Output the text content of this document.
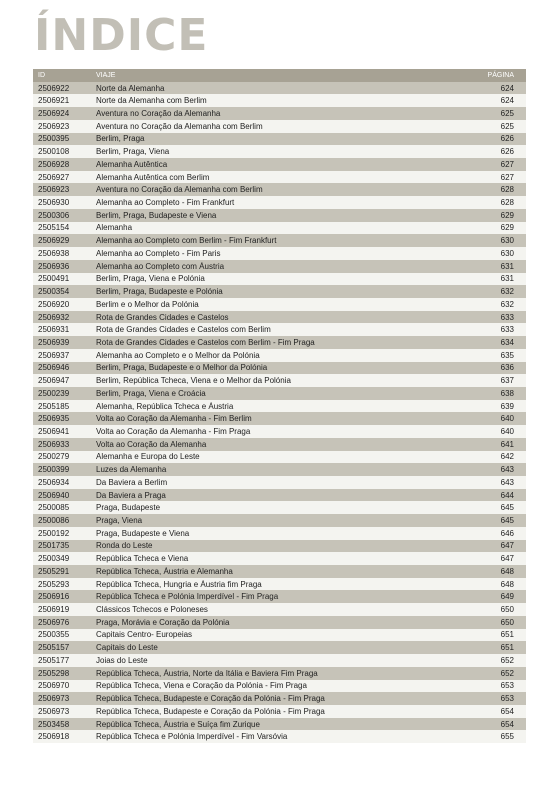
ÍNDICE
ID	VIAJE	PÁGINA
2506922	Norte da Alemanha	624
2506921	Norte da Alemanha com Berlim	624
2506924	Aventura no Coração da Alemanha	625
2506923	Aventura no Coração da Alemanha com Berlim	625
2500395	Berlim, Praga	626
2500108	Berlim, Praga, Viena	626
2506928	Alemanha Autêntica	627
2506927	Alemanha Autêntica com Berlim	627
2506923	Aventura no Coração da Alemanha com Berlim	628
2506930	Alemanha ao Completo - Fim Frankfurt	628
2500306	Berlim, Praga, Budapeste e Viena	629
2505154	Alemanha	629
2506929	Alemanha ao Completo com Berlim - Fim Frankfurt	630
2506938	Alemanha ao Completo - Fim Paris	630
2506936	Alemanha ao Completo com Áustria	631
2500491	Berlim, Praga, Viena e Polónia	631
2500354	Berlim, Praga, Budapeste e Polónia	632
2506920	Berlim e o Melhor da Polónia	632
2506932	Rota de Grandes Cidades e Castelos	633
2506931	Rota de Grandes Cidades e Castelos com Berlim	633
2506939	Rota de Grandes Cidades e Castelos com Berlim - Fim Praga	634
2506937	Alemanha ao Completo e o Melhor da Polónia	635
2506946	Berlim, Praga, Budapeste e o Melhor da Polónia	636
2506947	Berlim, República Tcheca, Viena e o Melhor da Polónia	637
2500239	Berlim, Praga, Viena e Croácia	638
2505185	Alemanha, República Tcheca e Áustria	639
2506935	Volta ao Coração da Alemanha - Fim Berlim	640
2506941	Volta ao Coração da Alemanha - Fim Praga	640
2506933	Volta ao Coração da Alemanha	641
2500279	Alemanha e Europa do Leste	642
2500399	Luzes da Alemanha	643
2506934	Da Baviera a Berlim	643
2506940	Da Baviera a Praga	644
2500085	Praga, Budapeste	645
2500086	Praga, Viena	645
2500192	Praga, Budapeste e Viena	646
2501735	Ronda do Leste	647
2500349	República Tcheca e Viena	647
2505291	República Tcheca, Áustria e Alemanha	648
2505293	República Tcheca, Hungria e Áustria fim Praga	648
2506916	República Tcheca e Polónia Imperdível - Fim Praga	649
2506919	Clássicos Tchecos e Poloneses	650
2506976	Praga, Morávia e Coração da Polónia	650
2500355	Capitais Centro- Europeias	651
2505157	Capitais do Leste	651
2505177	Joias do Leste	652
2505298	República Tcheca, Áustria, Norte da Itália e Baviera Fim Praga	652
2506970	República Tcheca, Viena e Coração da Polónia - Fim Praga	653
2506973	República Tcheca, Budapeste e Coração da Polónia - Fim Praga	653
2506973	República Tcheca, Budapeste e Coração da Polónia - Fim Praga	654
2503458	República Tcheca, Áustria e Suíça fim Zurique	654
2506918	República Tcheca e Polónia Imperdível - Fim Varsóvia	655
